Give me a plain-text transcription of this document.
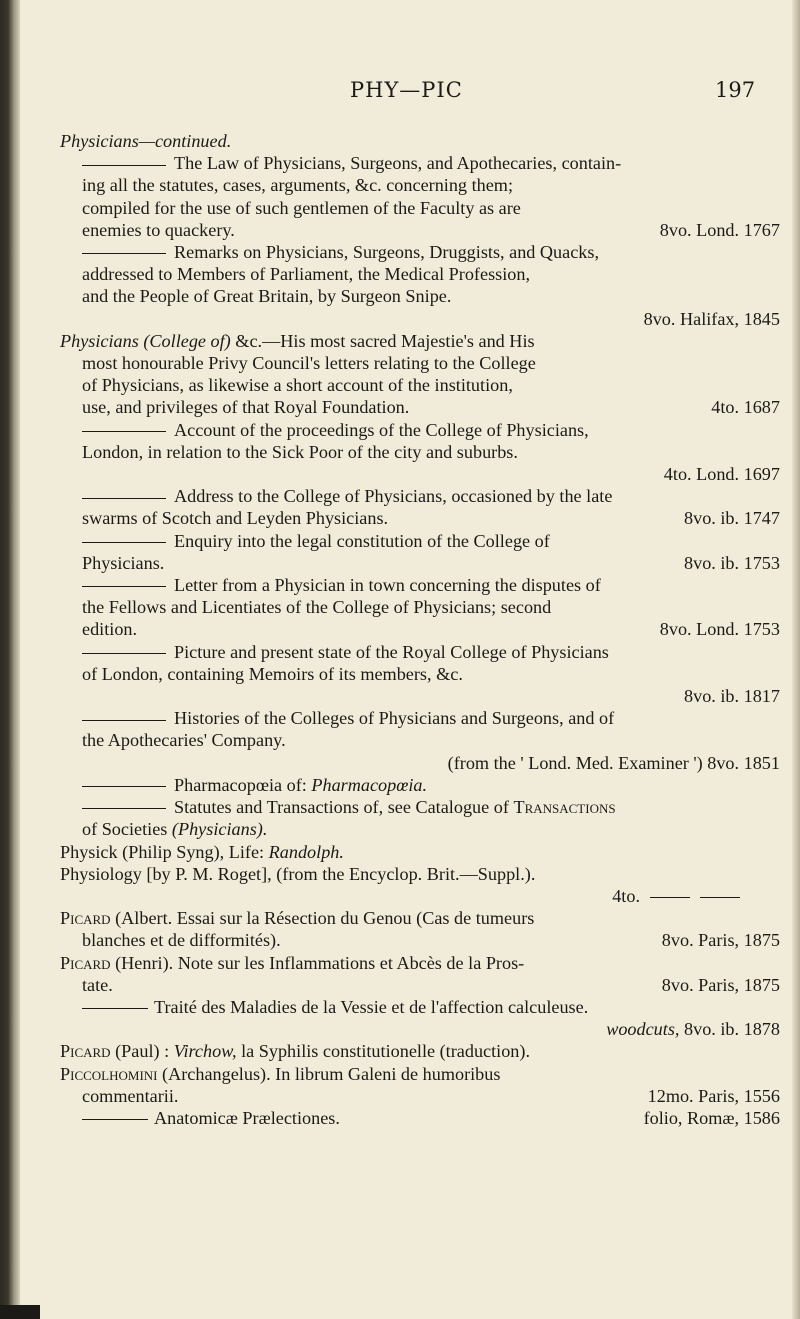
PHY—PIC	197
Physicians—continued.
The Law of Physicians, Surgeons, and Apothecaries, contain-
ing all the statutes, cases, arguments, &c. concerning them;
compiled for the use of such gentlemen of the Faculty as are
enemies to quackery.	8vo. Lond. 1767
Remarks on Physicians, Surgeons, Druggists, and Quacks,
addressed to Members of Parliament, the Medical Profession,
and the People of Great Britain, by Surgeon Snipe.
8vo. Halifax, 1845
Physicians (College of) &c.—His most sacred Majestie's and His
most honourable Privy Council's letters relating to the College
of Physicians, as likewise a short account of the institution,
use, and privileges of that Royal Foundation.	4to. 1687
Account of the proceedings of the College of Physicians,
London, in relation to the Sick Poor of the city and suburbs.
4to. Lond. 1697
Address to the College of Physicians, occasioned by the late
swarms of Scotch and Leyden Physicians.	8vo. ib. 1747
Enquiry into the legal constitution of the College of
Physicians.	8vo. ib. 1753
Letter from a Physician in town concerning the disputes of
the Fellows and Licentiates of the College of Physicians; second
edition.	8vo. Lond. 1753
Picture and present state of the Royal College of Physicians
of London, containing Memoirs of its members, &c.
8vo. ib. 1817
Histories of the Colleges of Physicians and Surgeons, and of
the Apothecaries' Company.
(from the ' Lond. Med. Examiner ') 8vo. 1851
Pharmacopœia of: Pharmacopœia.
Statutes and Transactions of, see Catalogue of Transactions
of Societies (Physicians).
Physick (Philip Syng), Life: Randolph.
Physiology [by P. M. Roget], (from the Encyclop. Brit.—Suppl.).
4to.
Picard (Albert. Essai sur la Résection du Genou (Cas de tumeurs
blanches et de difformités).	8vo. Paris, 1875
Picard (Henri). Note sur les Inflammations et Abcès de la Pros-
tate.	8vo. Paris, 1875
Traité des Maladies de la Vessie et de l'affection calculeuse.
woodcuts, 8vo. ib. 1878
Picard (Paul) : Virchow, la Syphilis constitutionelle (traduction).
Piccolhomini (Archangelus). In librum Galeni de humoribus
commentarii.	12mo. Paris, 1556
Anatomicæ Prælectiones.	folio, Romæ, 1586
